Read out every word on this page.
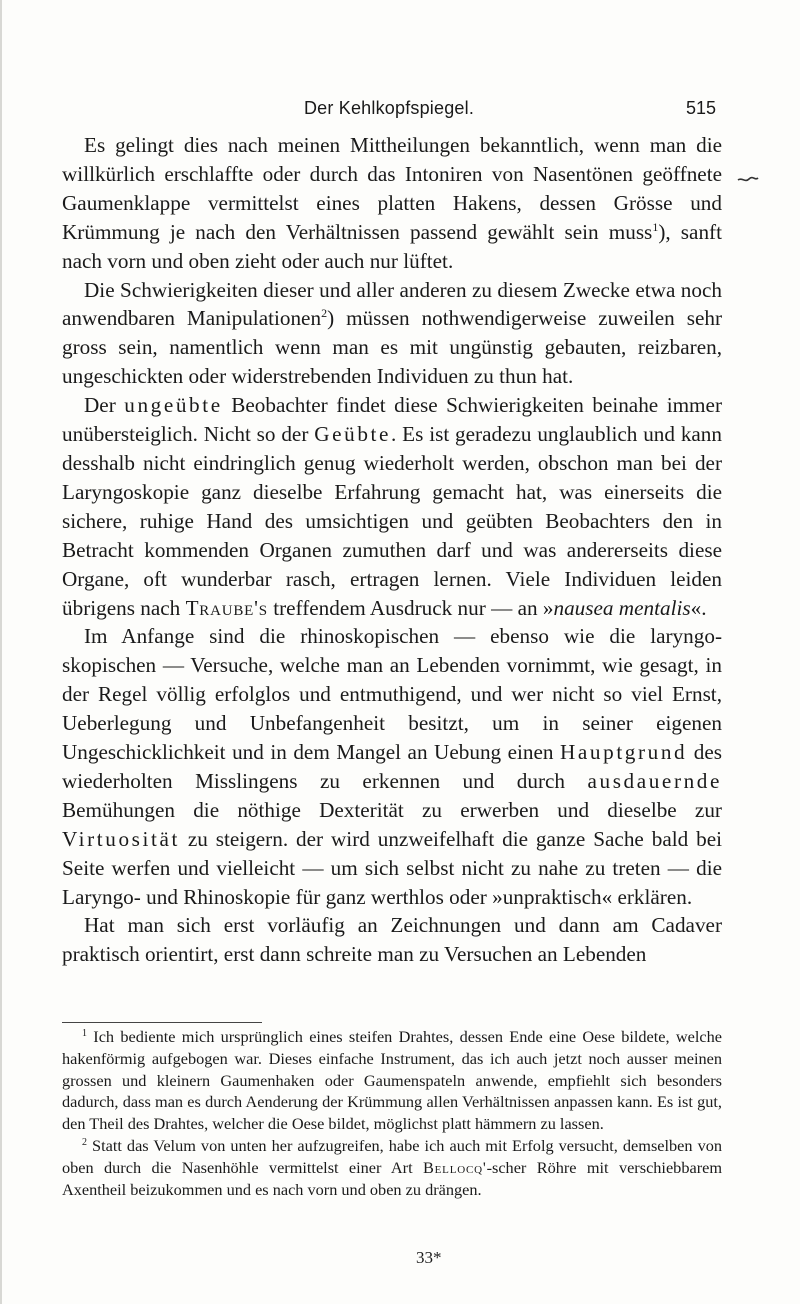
Der Kehlkopfspiegel.	515

Es gelingt dies nach meinen Mittheilungen bekanntlich, wenn man die willkürlich erschlaffte oder durch das Intoniren von Nasentönen geöffnete Gaumenklappe vermittelst eines platten Hakens, dessen Grösse und Krümmung je nach den Verhältnissen passend gewählt sein muss$^1$), sanft nach vorn und oben zieht oder auch nur lüftet.

Die Schwierigkeiten dieser und aller anderen zu diesem Zwecke etwa noch anwendbaren Manipulationen$^2$) müssen nothwendigerweise zuweilen sehr gross sein, namentlich wenn man es mit ungünstig gebauten, reizbaren, ungeschickten oder widerstrebenden Individuen zu thun hat.

Der ungeübte Beobachter findet diese Schwierigkeiten beinahe immer unübersteiglich. Nicht so der Geübte. Es ist geradezu unglaublich und kann desshalb nicht eindringlich genug wiederholt werden, obschon man bei der Laryngoskopie ganz dieselbe Erfahrung gemacht hat, was einerseits die sichere, ruhige Hand des umsichtigen und geübten Beobachters den in Betracht kommenden Organen zumuthen darf und was andererseits diese Organe, oft wunderbar rasch, ertragen lernen. Viele Individuen leiden übrigens nach Traube's treffendem Ausdruck nur — an »nausea mentalis«.

Im Anfange sind die rhinoskopischen — ebenso wie die laryngoskopischen — Versuche, welche man an Lebenden vornimmt, wie gesagt, in der Regel völlig erfolglos und entmuthigend, und wer nicht so viel Ernst, Ueberlegung und Unbefangenheit besitzt, um in seiner eigenen Ungeschicklichkeit und in dem Mangel an Uebung einen Hauptgrund des wiederholten Misslingens zu erkennen und durch ausdauernde Bemühungen die nöthige Dexterität zu erwerben und dieselbe zur Virtuosität zu steigern. der wird unzweifelhaft die ganze Sache bald bei Seite werfen und vielleicht — um sich selbst nicht zu nahe zu treten — die Laryngo- und Rhinoskopie für ganz werthlos oder »unpraktisch« erklären.

Hat man sich erst vorläufig an Zeichnungen und dann am Cadaver praktisch orientirt, erst dann schreite man zu Versuchen an Lebenden

$^1$ Ich bediente mich ursprünglich eines steifen Drahtes, dessen Ende eine Oese bildete, welche hakenförmig aufgebogen war. Dieses einfache Instrument, das ich auch jetzt noch ausser meinen grossen und kleinern Gaumenhaken oder Gaumenspateln anwende, empfiehlt sich besonders dadurch, dass man es durch Aenderung der Krümmung allen Verhältnissen anpassen kann. Es ist gut, den Theil des Drahtes, welcher die Oese bildet, möglichst platt hämmern zu lassen.

$^2$ Statt das Velum von unten her aufzugreifen, habe ich auch mit Erfolg versucht, demselben von oben durch die Nasenhöhle vermittelst einer Art Bellocq'-scher Röhre mit verschiebbarem Axentheil beizukommen und es nach vorn und oben zu drängen.

33*
